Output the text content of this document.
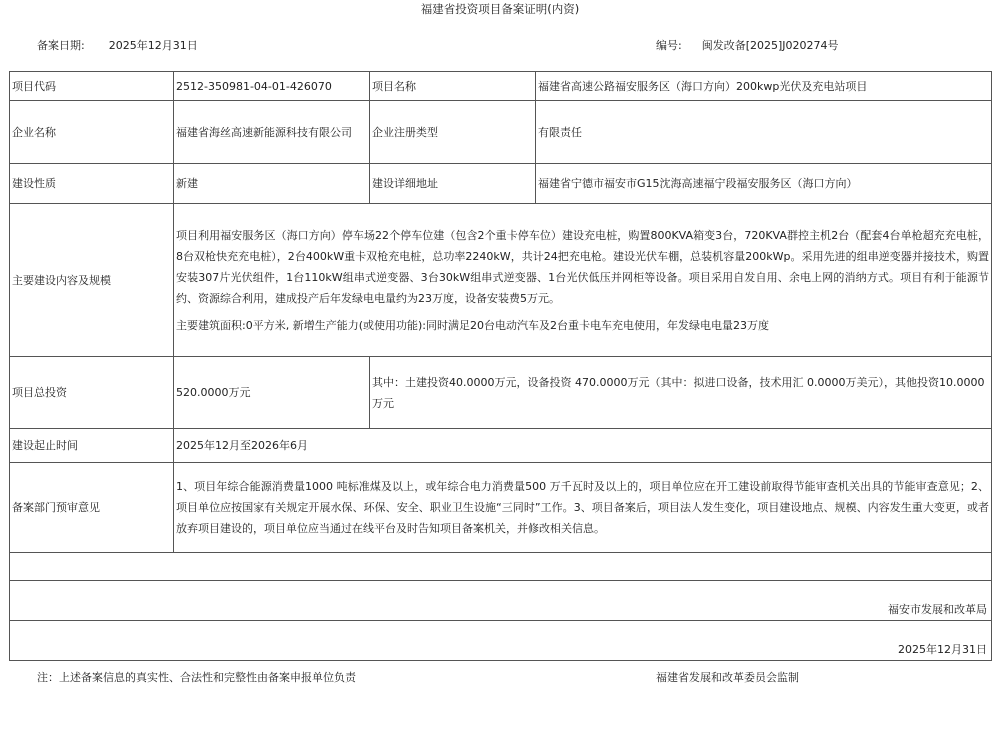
福建省投资项目备案证明(内资)
备案日期: 2025年12月31日	编号: 闽发改备[2025]J020274号
项目代码	2512-350981-04-01-426070	项目名称	福建省高速公路福安服务区（海口方向）200kwp光伏及充电站项目
企业名称	福建省海丝高速新能源科技有限公司	企业注册类型	有限责任
建设性质	新建	建设详细地址	福建省宁德市福安市G15沈海高速福宁段福安服务区（海口方向）
主要建设内容及规模	项目利用福安服务区（海口方向）停车场22个停车位建（包含2个重卡停车位）建设充电桩，购置800KVA箱变3台，720KVA群控主机2台（配套4台单枪超充充电桩，8台双枪快充充电桩），2台400kW重卡双枪充电桩，总功率2240kW，共计24把充电枪。建设光伏车棚，总装机容量200kWp。采用先进的组串逆变器并接技术，购置安装307片光伏组件，1台110kW组串式逆变器、3台30kW组串式逆变器、1台光伏低压并网柜等设备。项目采用自发自用、余电上网的消纳方式。项目有利于能源节约、资源综合利用，建成投产后年发绿电电量约为23万度，设备安装费5万元。
主要建筑面积:0平方米, 新增生产能力(或使用功能):同时满足20台电动汽车及2台重卡电车充电使用，年发绿电电量23万度		

项目总投资	520.0000万元	其中：土建投资40.0000万元，设备投资 470.0000万元（其中：拟进口设备，技术用汇 0.0000万美元），其他投资10.0000万元	
建设起止时间	2025年12月至2026年6月		
备案部门预审意见	1、项目年综合能源消费量1000 吨标准煤及以上，或年综合电力消费量500 万千瓦时及以上的，项目单位应在开工建设前取得节能审查机关出具的节能审查意见；2、项目单位应按国家有关规定开展水保、环保、安全、职业卫生设施“三同时”工作。3、项目备案后，项目法人发生变化，项目建设地点、规模、内容发生重大变更，或者放弃项目建设的，项目单位应当通过在线平台及时告知项目备案机关，并修改相关信息。		

福安市发展和改革局			
2025年12月31日			
注：上述备案信息的真实性、合法性和完整性由备案申报单位负责	福建省发展和改革委员会监制
